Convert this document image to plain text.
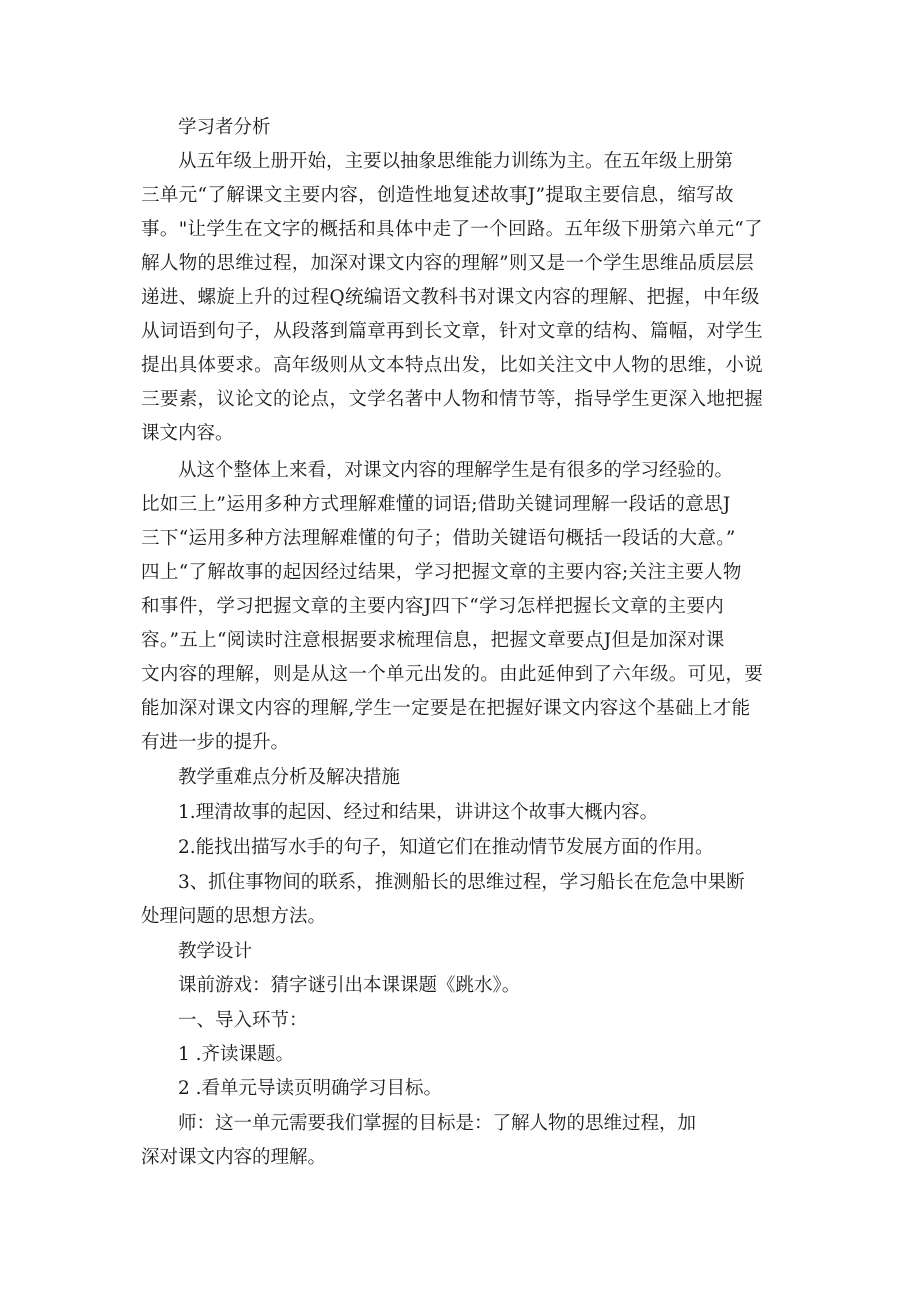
学习者分析
从五年级上册开始，主要以抽象思维能力训练为主。在五年级上册第
三单元“了解课文主要内容，创造性地复述故事J”提取主要信息，缩写故
事。"让学生在文字的概括和具体中走了一个回路。五年级下册第六单元“了
解人物的思维过程，加深对课文内容的理解”则又是一个学生思维品质层层
递进、螺旋上升的过程Q统编语文教科书对课文内容的理解、把握，中年级
从词语到句子，从段落到篇章再到长文章，针对文章的结构、篇幅，对学生
提出具体要求。高年级则从文本特点出发，比如关注文中人物的思维，小说
三要素，议论文的论点，文学名著中人物和情节等，指导学生更深入地把握
课文内容。
从这个整体上来看，对课文内容的理解学生是有很多的学习经验的。
比如三上”运用多种方式理解难懂的词语;借助关键词理解一段话的意思J
三下“运用多种方法理解难懂的句子；借助关键语句概括一段话的大意。”
四上“了解故事的起因经过结果，学习把握文章的主要内容;关注主要人物
和事件，学习把握文章的主要内容J四下“学习怎样把握长文章的主要内
容。”五上“阅读时注意根据要求梳理信息，把握文章要点J但是加深对课
文内容的理解，则是从这一个单元出发的。由此延伸到了六年级。可见，要
能加深对课文内容的理解,学生一定要是在把握好课文内容这个基础上才能
有进一步的提升。
教学重难点分析及解决措施
1.理清故事的起因、经过和结果，讲讲这个故事大概内容。
2.能找出描写水手的句子，知道它们在推动情节发展方面的作用。
3、抓住事物间的联系，推测船长的思维过程，学习船长在危急中果断
处理问题的思想方法。
教学设计
课前游戏：猜字谜引出本课课题《跳水》。
一、导入环节：
1 .齐读课题。
2 .看单元导读页明确学习目标。
师：这一单元需要我们掌握的目标是：了解人物的思维过程，加
深对课文内容的理解。
